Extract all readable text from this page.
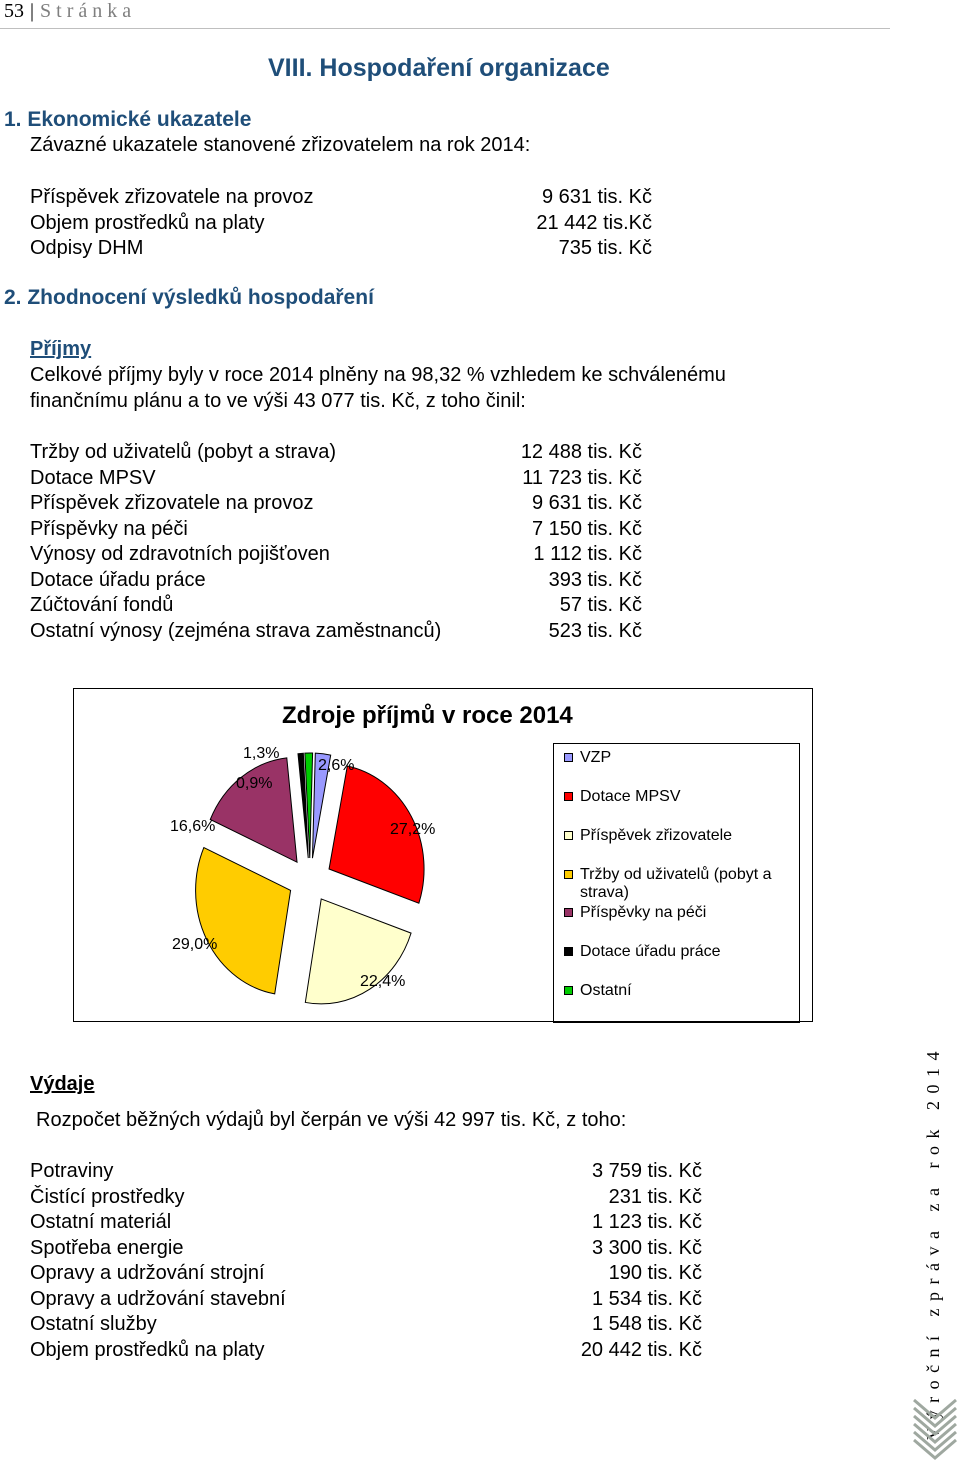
53 | Stránka
VIII. Hospodaření organizace
1. Ekonomické ukazatele
Závazné ukazatele stanovené zřizovatelem na rok 2014:
Příspěvek zřizovatele na provoz
Objem prostředků na platy
Odpisy DHM
9 631 tis. Kč
21 442 tis.Kč
735 tis. Kč
2. Zhodnocení výsledků hospodaření
Příjmy
Celkové příjmy byly v roce 2014 plněny na 98,32 % vzhledem ke schválenému
finančnímu plánu a to ve výši 43 077 tis. Kč, z toho činil:
Tržby od uživatelů (pobyt a strava)
Dotace MPSV
Příspěvek zřizovatele na provoz
Příspěvky na péči
Výnosy od zdravotních pojišťoven
Dotace úřadu práce
Zúčtování fondů
Ostatní výnosy (zejména strava zaměstnanců)
12 488 tis. Kč
11 723 tis. Kč
9 631 tis. Kč
7 150 tis. Kč
1 112 tis. Kč
393 tis. Kč
57 tis. Kč
523 tis. Kč
Zdroje příjmů v roce 2014
1,3%
2,6%
0,9%
16,6%	27,2%
29,0%
22,4%
VZP
Dotace MPSV
Příspěvek zřizovatele
Tržby od uživatelů (pobyt a strava)
Příspěvky na péči
Dotace úřadu práce
Ostatní
Výdaje
Rozpočet běžných výdajů byl čerpán ve výši 42 997 tis. Kč, z toho:
Potraviny
Čistící prostředky
Ostatní materiál
Spotřeba energie
Opravy a udržování strojní
Opravy a udržování stavební
Ostatní služby
Objem prostředků na platy
3 759 tis. Kč
231 tis. Kč
1 123 tis. Kč
3 300 tis. Kč
190 tis. Kč
1 534 tis. Kč
1 548 tis. Kč
20 442 tis. Kč	Výroční zpráva za rok 2014
